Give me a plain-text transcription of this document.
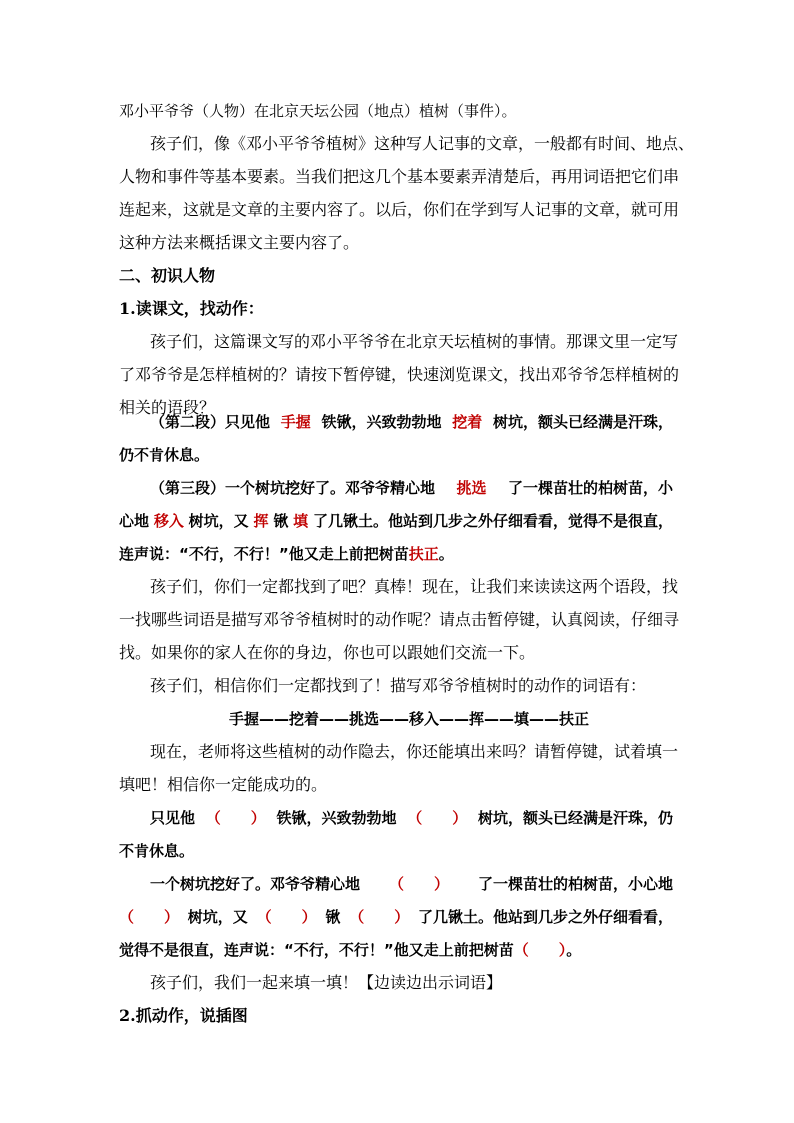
邓小平爷爷（人物）在北京天坛公园（地点）植树（事件）。

孩子们，像《邓小平爷爷植树》这种写人记事的文章，一般都有时间、地点、
人物和事件等基本要素。当我们把这几个基本要素弄清楚后，再用词语把它们串
连起来，这就是文章的主要内容了。以后，你们在学到写人记事的文章，就可用

这种方法来概括课文主要内容了。

二、初识人物

1.读课文，找动作：

孩子们，这篇课文写的邓小平爷爷在北京天坛植树的事情。那课文里一定写
了邓爷爷是怎样植树的？请按下暂停键，快速浏览课文，找出邓爷爷怎样植树的

相关的语段？

（第二段）只见他 手握 铁锹，兴致勃勃地 挖着 树坑，额头已经满是汗珠，

仍不肯休息。

（第三段）一个树坑挖好了。邓爷爷精心地 挑选 了一棵苗壮的柏树苗，小
心地 移入 树坑，又 挥 锹 填 了几锹土。他站到几步之外仔细看看，觉得不是很直，
连声说：“不行，不行！”他又走上前把树苗扶正。
孩子们，你们一定都找到了吧？真棒！现在，让我们来读读这两个语段，找
一找哪些词语是描写邓爷爷植树时的动作呢？请点击暂停键，认真阅读，仔细寻

找。如果你的家人在你的身边，你也可以跟她们交流一下。

孩子们，相信你们一定都找到了！描写邓爷爷植树时的动作的词语有：

手握——挖着——挑选——移入——挥——填——扶正

现在，老师将这些植树的动作隐去，你还能填出来吗？请暂停键，试着填一

填吧！相信你一定能成功的。

只见他 （　　） 铁锹，兴致勃勃地 （　　） 树坑，额头已经满是汗珠，仍

不肯休息。

一个树坑挖好了。邓爷爷精心地 （　　） 了一棵苗壮的柏树苗，小心地
（　　） 树坑，又 （　　） 锹 （　　） 了几锹土。他站到几步之外仔细看看，
觉得不是很直，连声说：“不行，不行！”他又走上前把树苗（　　）。

孩子们，我们一起来填一填！【边读边出示词语】

2.抓动作，说插图
